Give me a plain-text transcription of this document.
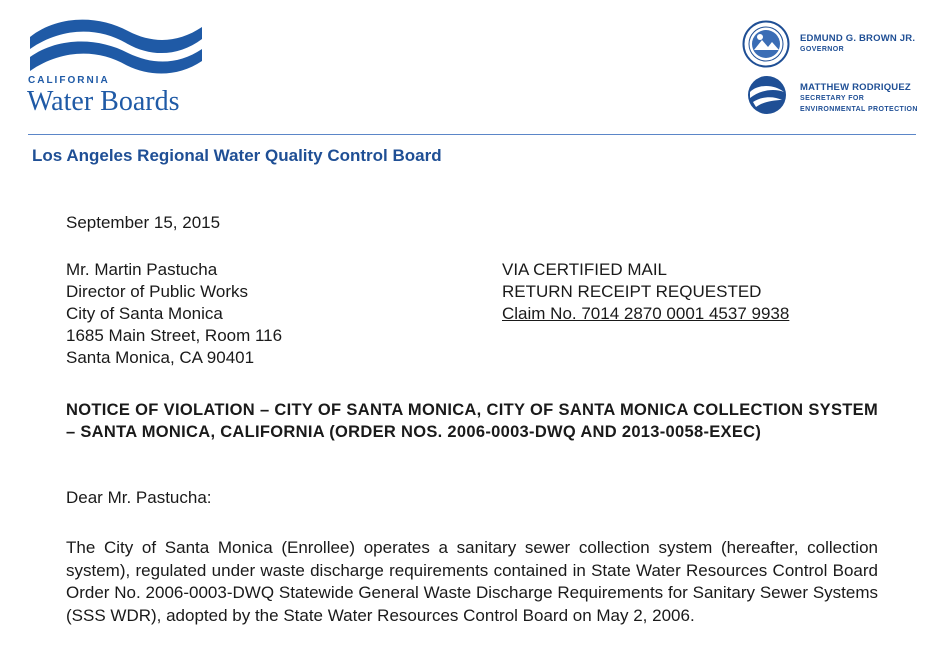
CALIFORNIA
Water Boards
EDMUND G. BROWN JR.
GOVERNOR
MATTHEW RODRIQUEZ
SECRETARY FOR
ENVIRONMENTAL PROTECTION
Los Angeles Regional Water Quality Control Board
September 15, 2015
Mr. Martin Pastucha
Director of Public Works
City of Santa Monica
1685 Main Street, Room 116
Santa Monica, CA 90401
VIA CERTIFIED MAIL
RETURN RECEIPT REQUESTED
Claim No. 7014 2870 0001 4537 9938
NOTICE OF VIOLATION – CITY OF SANTA MONICA, CITY OF SANTA MONICA COLLECTION SYSTEM – SANTA MONICA, CALIFORNIA (ORDER NOS. 2006-0003-DWQ AND 2013-0058-EXEC)
Dear Mr. Pastucha:
The City of Santa Monica (Enrollee) operates a sanitary sewer collection system (hereafter, collection system), regulated under waste discharge requirements contained in State Water Resources Control Board Order No. 2006-0003-DWQ Statewide General Waste Discharge Requirements for Sanitary Sewer Systems (SSS WDR), adopted by the State Water Resources Control Board on May 2, 2006.
